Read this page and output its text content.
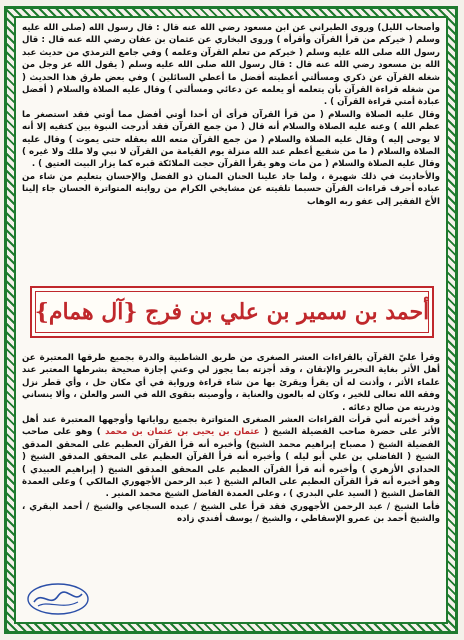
وأصحاب الليل) وروى الطبراني عن ابن مسعود رضي الله عنه قال : قال رسول الله (صلى الله عليه وسلم ( خيركم من قرأ القرآن وأقرأه ) وروى البخاري عن عثمان بن عفان رضي الله عنه قال : قال رسول الله صلى الله عليه وسلم ( خيركم من تعلم القرآن وعلمه ) وفي جامع الترمذي من حديث عبد الله بن مسعود رضي الله عنه قال : قال رسول الله صلى الله عليه وسلم ( يقول الله عز وجل من شغله القرآن عن ذكري ومسألتي أعطيته أفضل ما أعطي السائلين ) وفي بعض طرق هذا الحديث ( من شغله قراءة القرآن بأن يتعلمه أو يعلمه عن دعائي ومسألتي ) وقال عليه الصلاة والسلام ( أفضل عبادة أمتي قراءة القرآن ) .

وقال عليه الصلاة والسلام ( من قرأ القرآن فرأى أن أحدا أوتي أفضل مما أوتي فقد استصغر ما عظم الله ) وعنه عليه الصلاة والسلام أنه قال ( من جمع القرآن فقد أدرجت النبوة بين كتفيه إلا أنه لا يوحى إليه ) وقال عليه الصلاة والسلام ( من جمع القرآن متعه الله بعقله حتى يموت ) وقال عليه الصلاة والسلام ( ما من شفيع أعظم عند الله منزلة يوم القيامة من القرآن لا نبي ولا ملك ولا غيره ) وقال عليه الصلاة والسلام ( من مات وهو يقرأ القرآن حجت الملائكة قبره كما يزار البيت العتيق ) .

والأحاديث في ذلك شهيرة ، ولما جاد علينا الحنان المنان ذو الفضل والإحسان بتعليم من شاء من عباده أحرف قراءات القرآن حسبما تلقيته عن مشايخي الكرام من روايته المتواترة الحسان جاء إلينا الأخ الفقير إلى عفو ربه الوهاب

أحمد بن سمير بن علي بن فرج {آل همام}

وقرأ عليّ القرآن بالقراءات العشر الصغرى من طريق الشاطبية والدرة بجميع طرقها المعتبرة عن أهل الأثر بغاية التحرير والإتقان ، وقد أجزته بما يجوز لي وعني إجازة صحيحة بشرطها المعتبر عند علماء الأثر ، وأذنت له أن يقرأ ويقرئ بها من شاء قراءة ورواية في أي مكان حل ، وأي قطر نزل وفقه الله تعالى للخير ، وكان له بالعون والعناية ، وأوصيته بتقوى الله في السر والعلن ، وألا ينساني وذريته من صالح دعائه .

وقد أخبرته أني قرأت القراءات العشر الصغرى المتواترة بجميع رواياتها وأوجهها المعتبرة عند أهل الأثر على حضرة صاحب الفضيلة الشيخ ( عثمان بن يحيى بن عثمان بن محمد ) وهو على صاحب الفضيلة الشيخ ( مصباح إبراهيم محمد الشيخ) وأخبره أنه قرأ القرآن العظيم على المحقق المدقق الشيخ ( الفاضلي بن علي أبو ليله ) وأخبره أنه قرأ القرآن العظيم على المحقق المدقق الشيخ ( الحدادي الأزهري ) وأخبره أنه قرأ القرآن العظيم على المحقق المدقق الشيخ ( إبراهيم العبيدي ) وهو أخبره أنه قرأ القرآن العظيم على العالم الشيخ ( عبد الرحمن الأجهوري المالكي ) وعلى العمدة الفاضل الشيخ ( السيد علي البدري ) ، وعلى العمدة الفاضل الشيخ محمد المنير .

فأما الشيخ / عبد الرحمن الأجهوري فقد قرأ على الشيخ / عبده السجاعي والشيخ / أحمد البقري ، والشيخ أحمد بن عمرو الإسقاطي ، والشيخ / يوسف أفندي زاده
